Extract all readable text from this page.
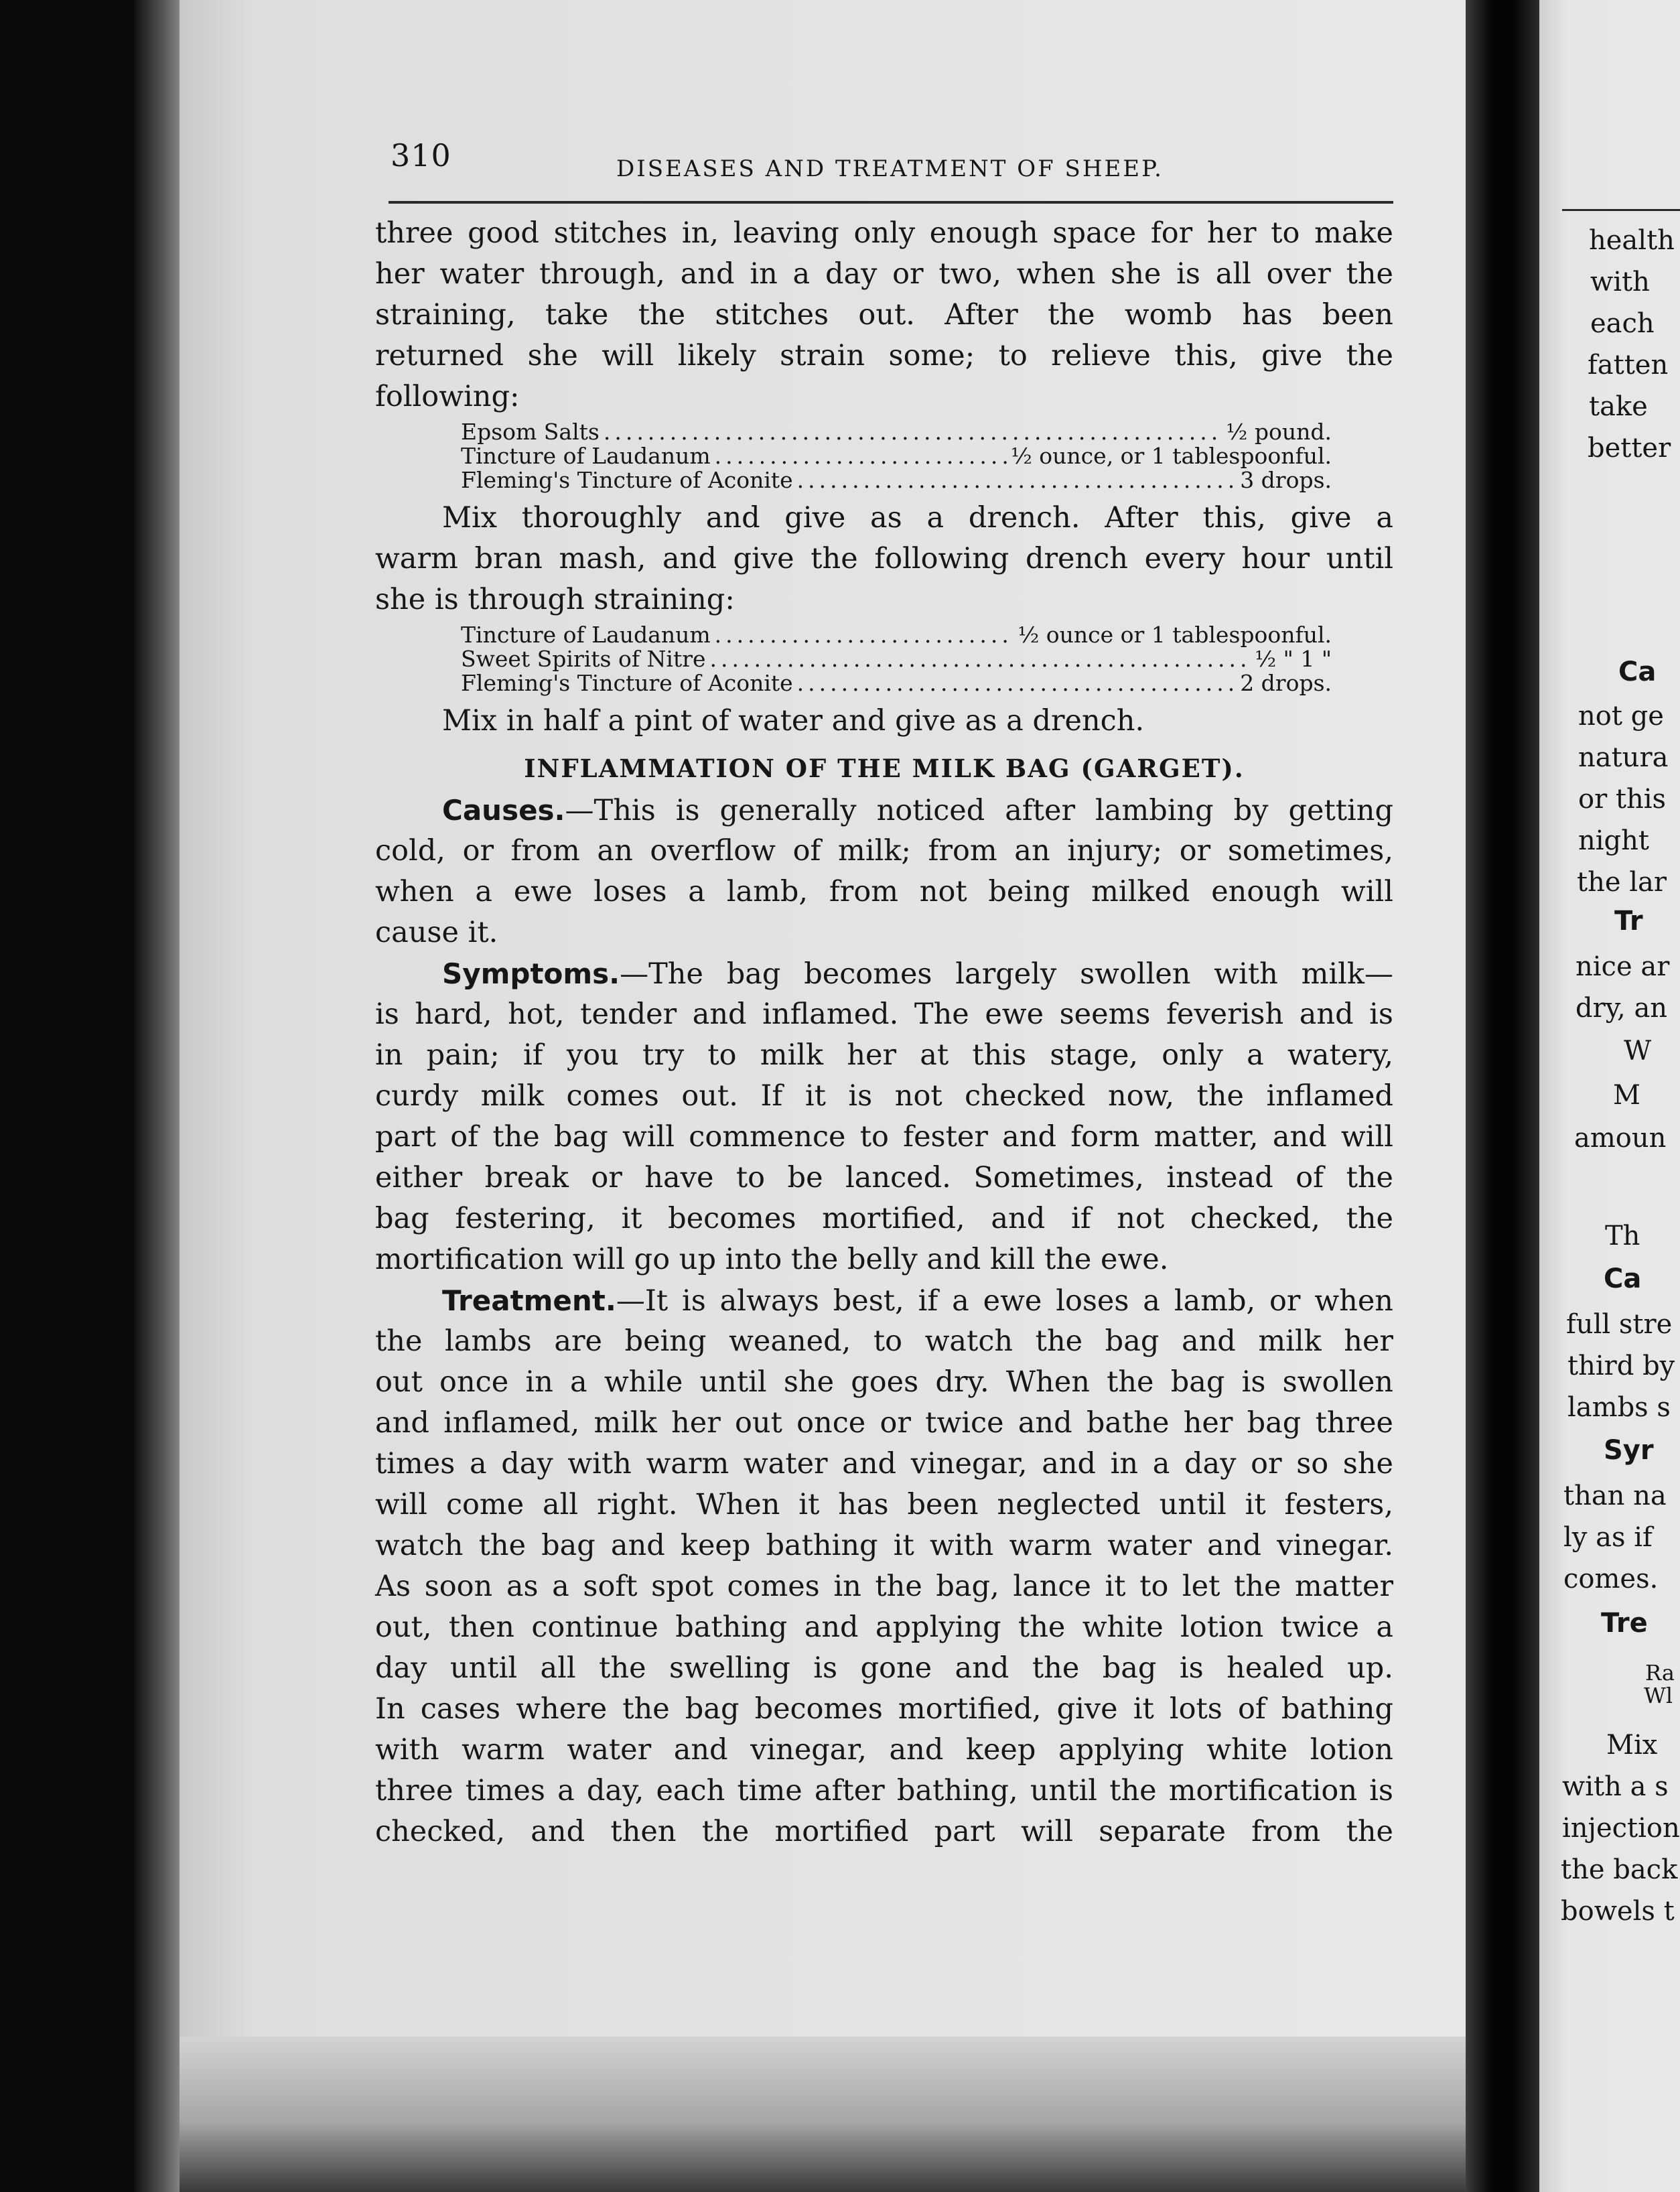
310	DISEASES AND TREATMENT OF SHEEP.
three good stitches in, leaving only enough space for her to make
her water through, and in a day or two, when she is all over the
straining, take the stitches out. After the womb has been
returned she will likely strain some; to relieve this, give the
following:
Epsom Salts .....	½ pound.
Tincture of Laudanum .....	½ ounce, or 1 tablespoonful.
Fleming's Tincture of Aconite .....	3 drops.
Mix thoroughly and give as a drench. After this, give a
warm bran mash, and give the following drench every hour until
she is through straining:
Tincture of Laudanum .....	½ ounce or 1 tablespoonful.
Sweet Spirits of Nitre .....	½ " 1 "
Fleming's Tincture of Aconite .....	2 drops.
Mix in half a pint of water and give as a drench.
INFLAMMATION OF THE MILK BAG (GARGET).
Causes.—This is generally noticed after lambing by getting
cold, or from an overflow of milk; from an injury; or sometimes,
when a ewe loses a lamb, from not being milked enough will
cause it.
Symptoms.—The bag becomes largely swollen with milk—
is hard, hot, tender and inflamed. The ewe seems feverish and is
in pain; if you try to milk her at this stage, only a watery,
curdy milk comes out. If it is not checked now, the inflamed
part of the bag will commence to fester and form matter, and will
either break or have to be lanced. Sometimes, instead of the
bag festering, it becomes mortified, and if not checked, the
mortification will go up into the belly and kill the ewe.
Treatment.—It is always best, if a ewe loses a lamb, or when
the lambs are being weaned, to watch the bag and milk her
out once in a while until she goes dry. When the bag is swollen
and inflamed, milk her out once or twice and bathe her bag three
times a day with warm water and vinegar, and in a day or so she
will come all right. When it has been neglected until it festers,
watch the bag and keep bathing it with warm water and vinegar.
As soon as a soft spot comes in the bag, lance it to let the matter
out, then continue bathing and applying the white lotion twice a
day until all the swelling is gone and the bag is healed up.
In cases where the bag becomes mortified, give it lots of bathing
with warm water and vinegar, and keep applying white lotion
three times a day, each time after bathing, until the mortification is
checked, and then the mortified part will separate from the
health
with
each
fatten
take
better
Ca
not ge
natura
or this
night
the lar
Tr
nice ar
dry, an
W
M
amoun
Th
Ca
full stre
third by
lambs s
Syr
than na
ly as if
comes.
Tre
Ra
Wl
Mix
with a s
injection
the back
bowels t
